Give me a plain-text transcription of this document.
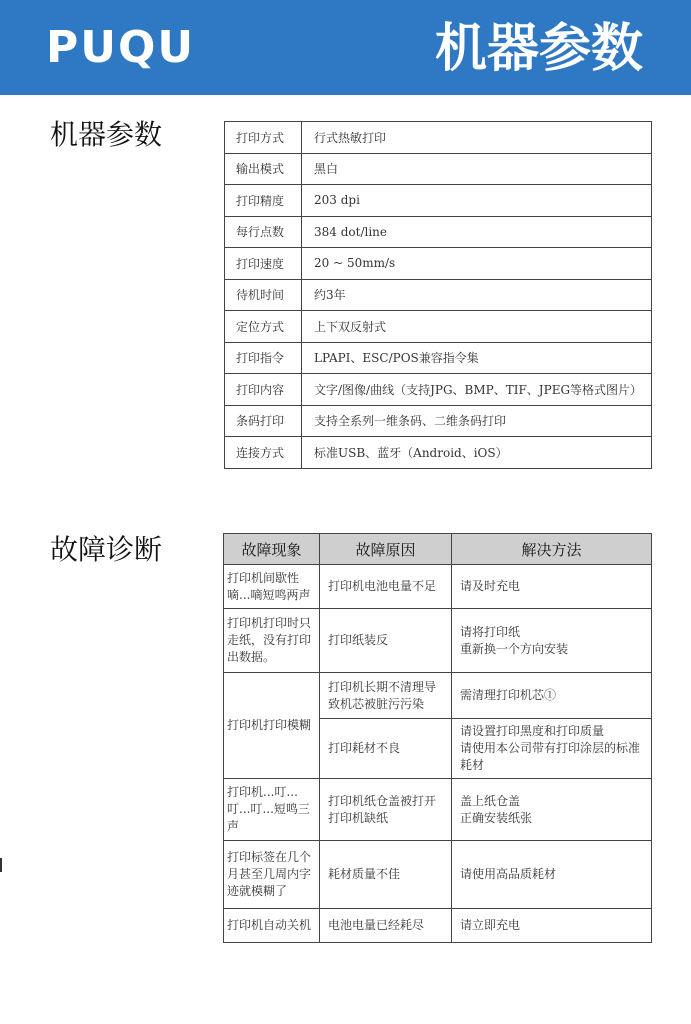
PUQU	机器参数
机器参数	打印方式	行式热敏打印
输出模式	黑白
打印精度	203 dpi
每行点数	384 dot/line
打印速度	20 ~ 50mm/s
待机时间	约3年
定位方式	上下双反射式
打印指令	LPAPI、ESC/POS兼容指令集
打印内容	文字/图像/曲线（支持JPG、BMP、TIF、JPEG等格式图片）
条码打印	支持全系列一维条码、二维条码打印
连接方式	标准USB、蓝牙（Android、iOS）
故障诊断	故障现象	故障原因	解决方法
打印机间歇性嘀...嘀短鸣两声	打印机电池电量不足	请及时充电
打印机打印时只走纸，没有打印出数据。	打印纸装反	请将打印纸
重新换一个方向安装

打印机打印模糊	打印机长期不清理导致机芯被脏污污染	需清理打印机芯①
	打印耗材不良	请设置打印黑度和打印质量
请使用本公司带有打印涂层的标准耗材

打印机...叮...叮...叮...短鸣三声	打印机纸仓盖被打开打印机缺纸	盖上纸仓盖
正确安装纸张

打印标签在几个月甚至几周内字迹就模糊了	耗材质量不佳	请使用高品质耗材
打印机自动关机	电池电量已经耗尽	请立即充电
